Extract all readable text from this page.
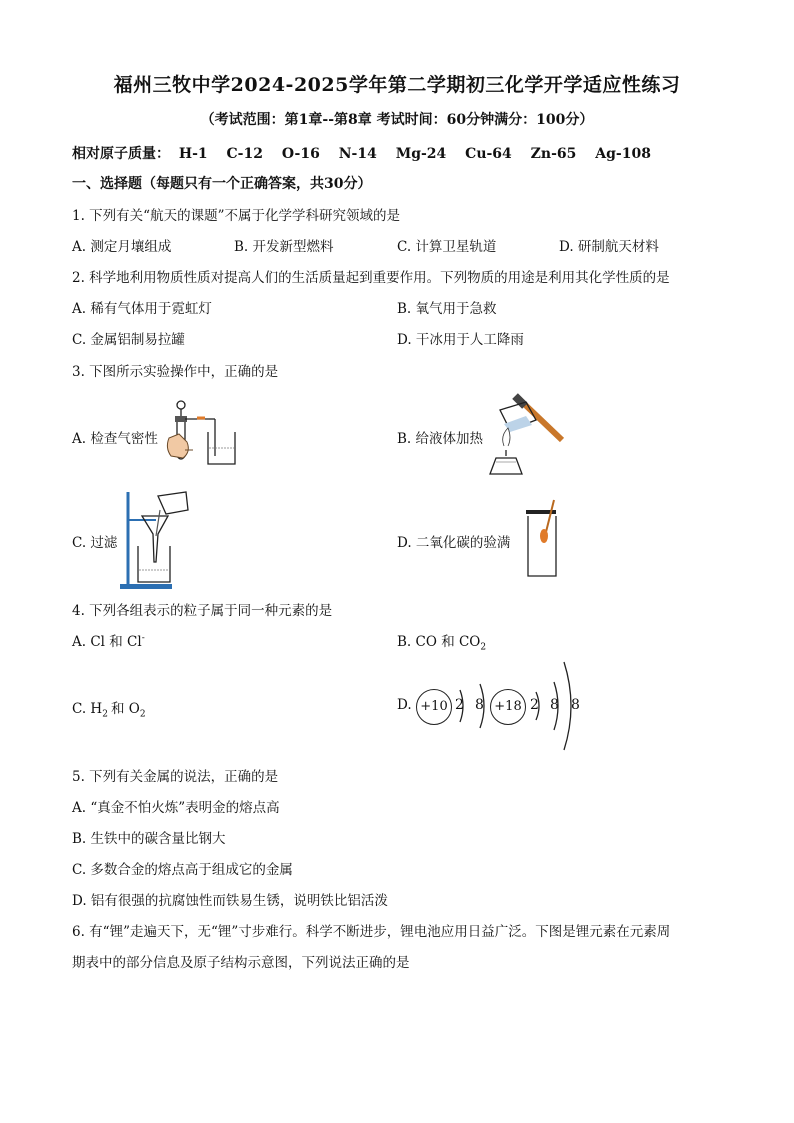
福州三牧中学2024-2025学年第二学期初三化学开学适应性练习
（考试范围：第1章--第8章 考试时间：60分钟满分：100分）
相对原子质量： H-1 C-12 O-16 N-14 Mg-24 Cu-64 Zn-65 Ag-108
一、选择题（每题只有一个正确答案，共30分）
1. 下列有关“航天的课题”不属于化学学科研究领域的是
A. 测定月壤组成	B. 开发新型燃料	C. 计算卫星轨道	D. 研制航天材料
2. 科学地利用物质性质对提高人们的生活质量起到重要作用。下列物质的用途是利用其化学性质的是
A. 稀有气体用于霓虹灯	B. 氧气用于急救
C. 金属铝制易拉罐	D. 干冰用于人工降雨
3. 下图所示实验操作中，正确的是
A. 检查气密性	B. 给液体加热
C. 过滤	D. 二氧化碳的验满
4. 下列各组表示的粒子属于同一种元素的是
A. Cl 和 Cl-	B. CO 和 $CO_2$
C. $H_2$ 和 $O_2$
D. +10 2 8 +18 2 8 8
5. 下列有关金属的说法，正确的是
A. “真金不怕火炼”表明金的熔点高
B. 生铁中的碳含量比钢大
C. 多数合金的熔点高于组成它的金属
D. 铝有很强的抗腐蚀性而铁易生锈，说明铁比铝活泼
6. 有“锂”走遍天下，无“锂”寸步难行。科学不断进步，锂电池应用日益广泛。下图是锂元素在元素周
期表中的部分信息及原子结构示意图，下列说法正确的是
